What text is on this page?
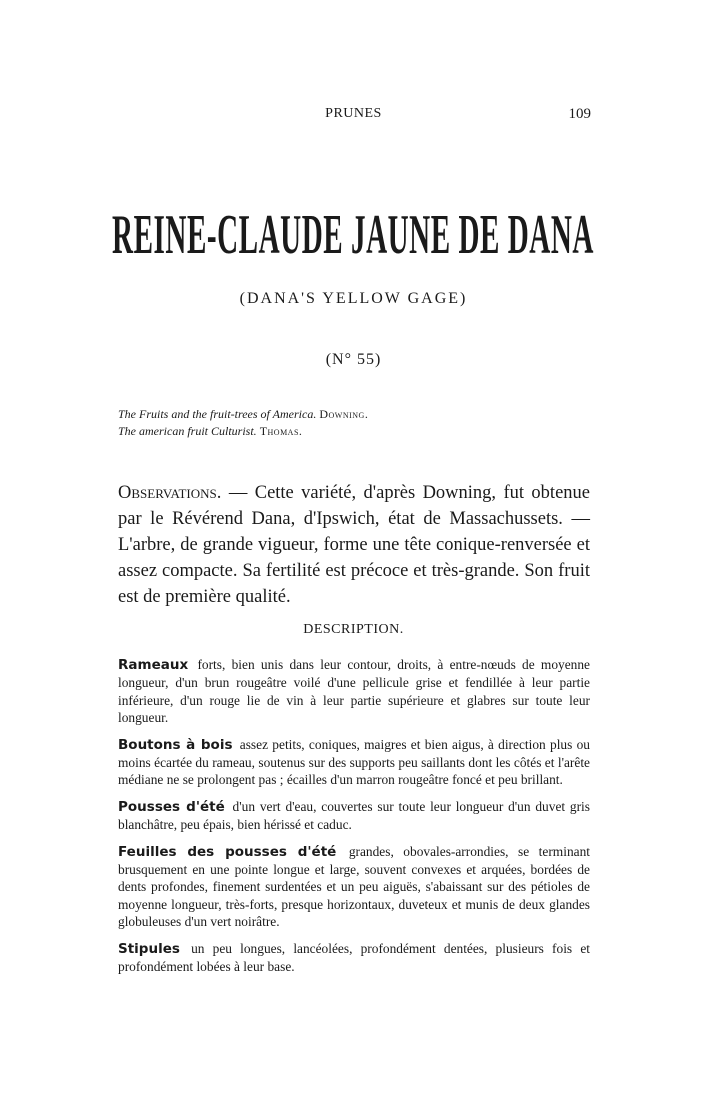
PRUNES	109
REINE-CLAUDE JAUNE DE DANA
(DANA'S YELLOW GAGE)
(N° 55)
The Fruits and the fruit-trees of America. Downing.
The american fruit Culturist. Thomas.
Observations. — Cette variété, d'après Downing, fut obtenue par le Révérend Dana, d'Ipswich, état de Massachussets. — L'arbre, de grande vigueur, forme une tête conique-renversée et assez compacte. Sa fertilité est précoce et très-grande. Son fruit est de première qualité.
DESCRIPTION.

Rameaux forts, bien unis dans leur contour, droits, à entre-nœuds de moyenne longueur, d'un brun rougeâtre voilé d'une pellicule grise et fendillée à leur partie inférieure, d'un rouge lie de vin à leur partie supérieure et glabres sur toute leur longueur.

Boutons à bois assez petits, coniques, maigres et bien aigus, à direction plus ou moins écartée du rameau, soutenus sur des supports peu saillants dont les côtés et l'arête médiane ne se prolongent pas ; écailles d'un marron rougeâtre foncé et peu brillant.

Pousses d'été d'un vert d'eau, couvertes sur toute leur longueur d'un duvet gris blanchâtre, peu épais, bien hérissé et caduc.

Feuilles des pousses d'été grandes, obovales-arrondies, se terminant brusquement en une pointe longue et large, souvent convexes et arquées, bordées de dents profondes, finement surdentées et un peu aiguës, s'abaissant sur des pétioles de moyenne longueur, très-forts, presque horizontaux, duveteux et munis de deux glandes globuleuses d'un vert noirâtre.

Stipules un peu longues, lancéolées, profondément dentées, plusieurs fois et profondément lobées à leur base.
